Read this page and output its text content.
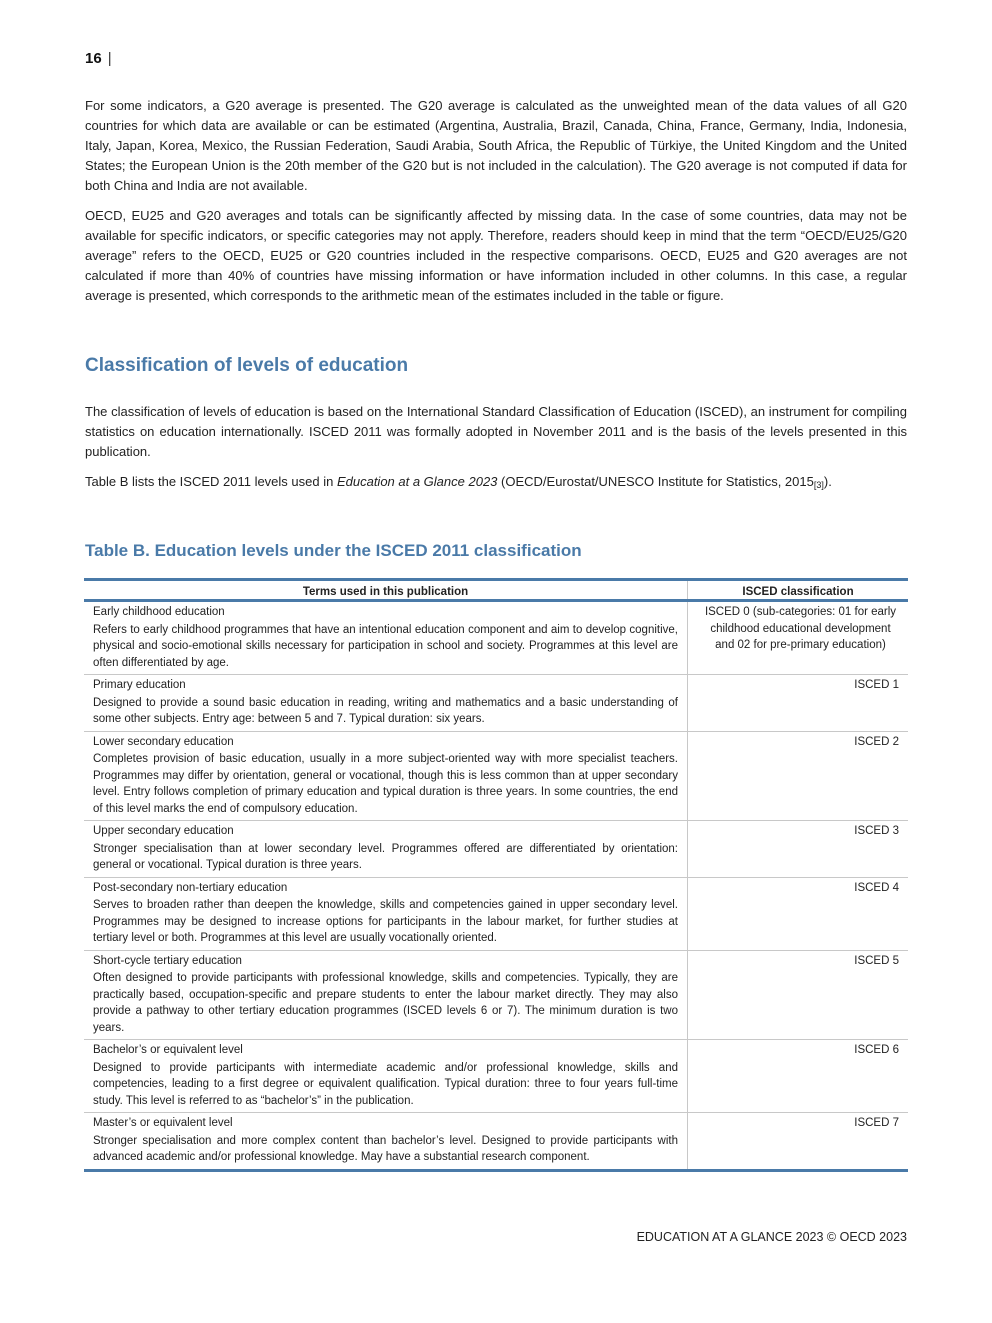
16 |

For some indicators, a G20 average is presented. The G20 average is calculated as the unweighted mean of the data values of all G20 countries for which data are available or can be estimated (Argentina, Australia, Brazil, Canada, China, France, Germany, India, Indonesia, Italy, Japan, Korea, Mexico, the Russian Federation, Saudi Arabia, South Africa, the Republic of Türkiye, the United Kingdom and the United States; the European Union is the 20th member of the G20 but is not included in the calculation). The G20 average is not computed if data for both China and India are not available.

OECD, EU25 and G20 averages and totals can be significantly affected by missing data. In the case of some countries, data may not be available for specific indicators, or specific categories may not apply. Therefore, readers should keep in mind that the term “OECD/EU25/G20 average” refers to the OECD, EU25 or G20 countries included in the respective comparisons. OECD, EU25 and G20 averages are not calculated if more than 40% of countries have missing information or have information included in other columns. In this case, a regular average is presented, which corresponds to the arithmetic mean of the estimates included in the table or figure.

Classification of levels of education

The classification of levels of education is based on the International Standard Classification of Education (ISCED), an instrument for compiling statistics on education internationally. ISCED 2011 was formally adopted in November 2011 and is the basis of the levels presented in this publication.

Table B lists the ISCED 2011 levels used in Education at a Glance 2023 (OECD/Eurostat/UNESCO Institute for Statistics, 2015[3]).

Table B. Education levels under the ISCED 2011 classification
Terms used in this publication	ISCED classification

Early childhood education
Refers to early childhood programmes that have an intentional education component and aim to develop cognitive, physical and socio-emotional skills necessary for participation in school and society. Programmes at this level are often differentiated by age.	ISCED 0 (sub-categories: 01 for early childhood educational development and 02 for pre-primary education)

Primary education
Designed to provide a sound basic education in reading, writing and mathematics and a basic understanding of some other subjects. Entry age: between 5 and 7. Typical duration: six years.	ISCED 1

Lower secondary education
Completes provision of basic education, usually in a more subject-oriented way with more specialist teachers. Programmes may differ by orientation, general or vocational, though this is less common than at upper secondary level. Entry follows completion of primary education and typical duration is three years. In some countries, the end of this level marks the end of compulsory education.	ISCED 2

Upper secondary education
Stronger specialisation than at lower secondary level. Programmes offered are differentiated by orientation: general or vocational. Typical duration is three years.	ISCED 3

Post-secondary non-tertiary education
Serves to broaden rather than deepen the knowledge, skills and competencies gained in upper secondary level. Programmes may be designed to increase options for participants in the labour market, for further studies at tertiary level or both. Programmes at this level are usually vocationally oriented.	ISCED 4

Short-cycle tertiary education
Often designed to provide participants with professional knowledge, skills and competencies. Typically, they are practically based, occupation-specific and prepare students to enter the labour market directly. They may also provide a pathway to other tertiary education programmes (ISCED levels 6 or 7). The minimum duration is two years.	ISCED 5

Bachelor’s or equivalent level
Designed to provide participants with intermediate academic and/or professional knowledge, skills and competencies, leading to a first degree or equivalent qualification. Typical duration: three to four years full-time study. This level is referred to as “bachelor’s” in the publication.	ISCED 6

Master’s or equivalent level
Stronger specialisation and more complex content than bachelor’s level. Designed to provide participants with advanced academic and/or professional knowledge. May have a substantial research component.	ISCED 7
EDUCATION AT A GLANCE 2023 © OECD 2023
